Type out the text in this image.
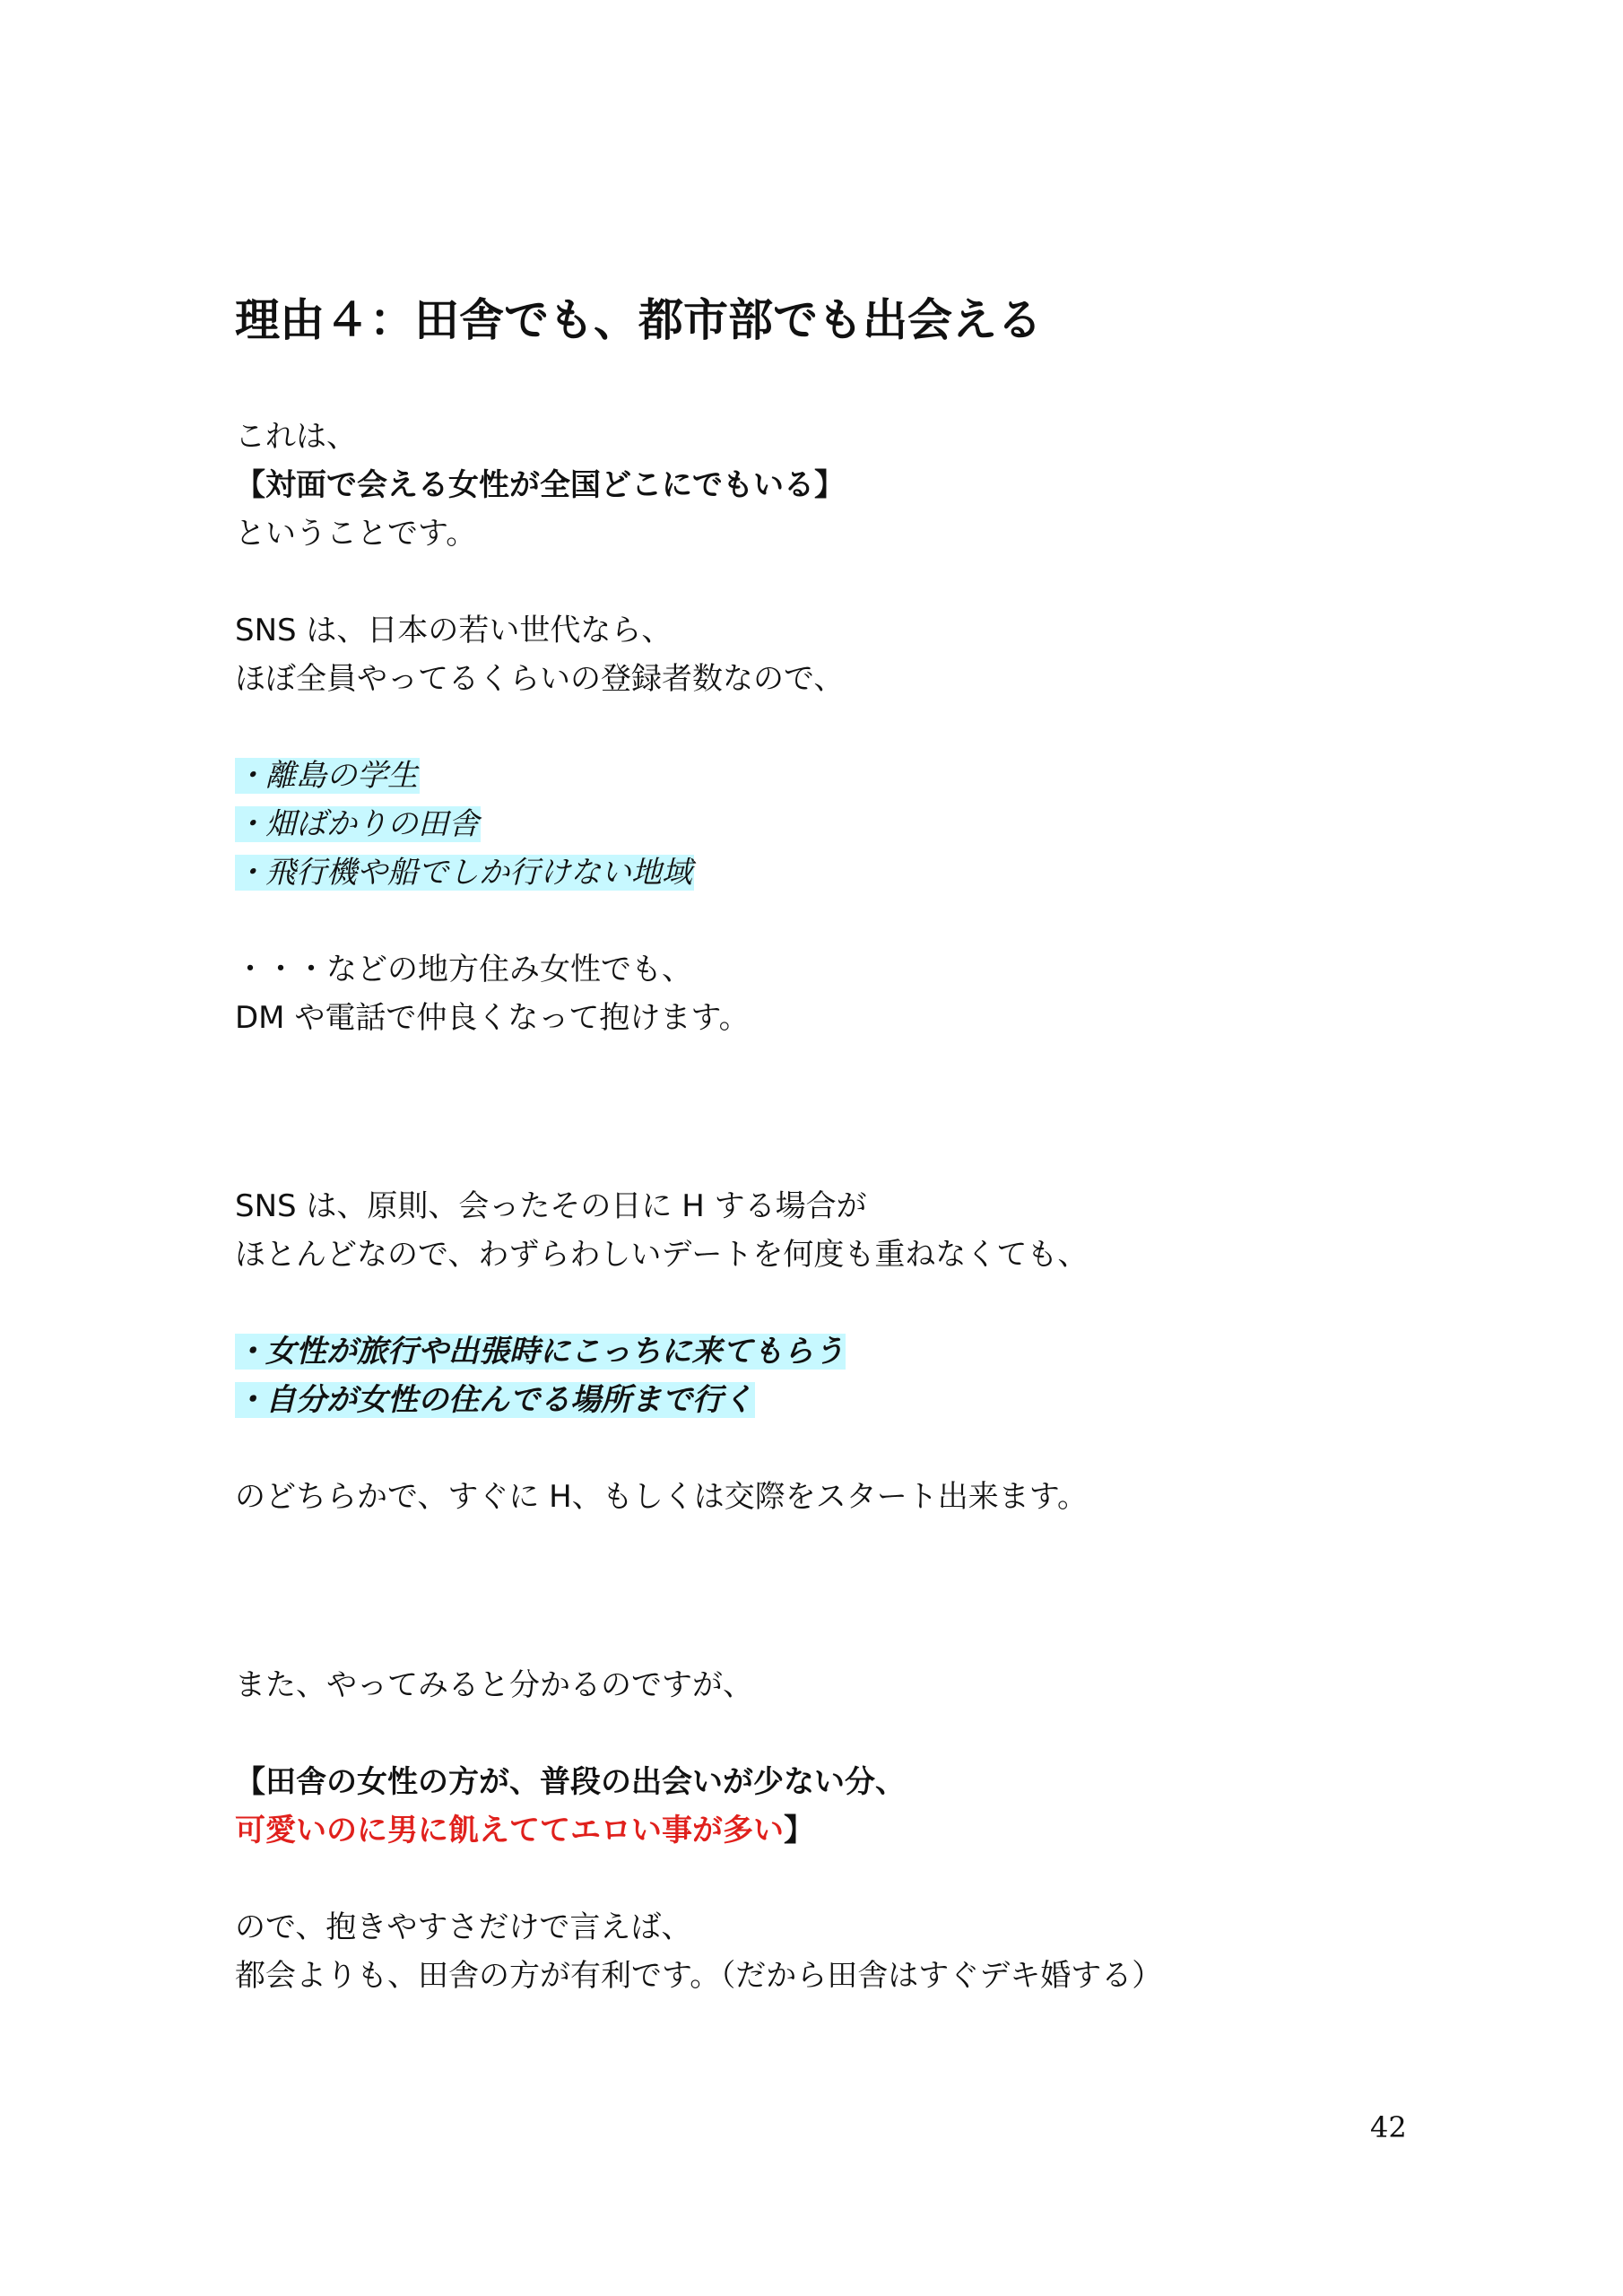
理由４：田舎でも、都市部でも出会える
これは、
【対面で会える女性が全国どこにでもいる】
ということです。
SNS は、日本の若い世代なら、
ほぼ全員やってるくらいの登録者数なので、
・離島の学生
・畑ばかりの田舎
・飛行機や船でしか行けない地域
・・・などの地方住み女性でも、
DM や電話で仲良くなって抱けます。
SNS は、原則、会ったその日に H する場合が
ほとんどなので、わずらわしいデートを何度も重ねなくても、
・女性が旅行や出張時にこっちに来てもらう
・自分が女性の住んでる場所まで行く
のどちらかで、すぐに H、もしくは交際をスタート出来ます。
また、やってみると分かるのですが、
【田舎の女性の方が、普段の出会いが少ない分、
可愛いのに男に飢えててエロい事が多い】
ので、抱きやすさだけで言えば、
都会よりも、田舎の方が有利です。（だから田舎はすぐデキ婚する）
42
